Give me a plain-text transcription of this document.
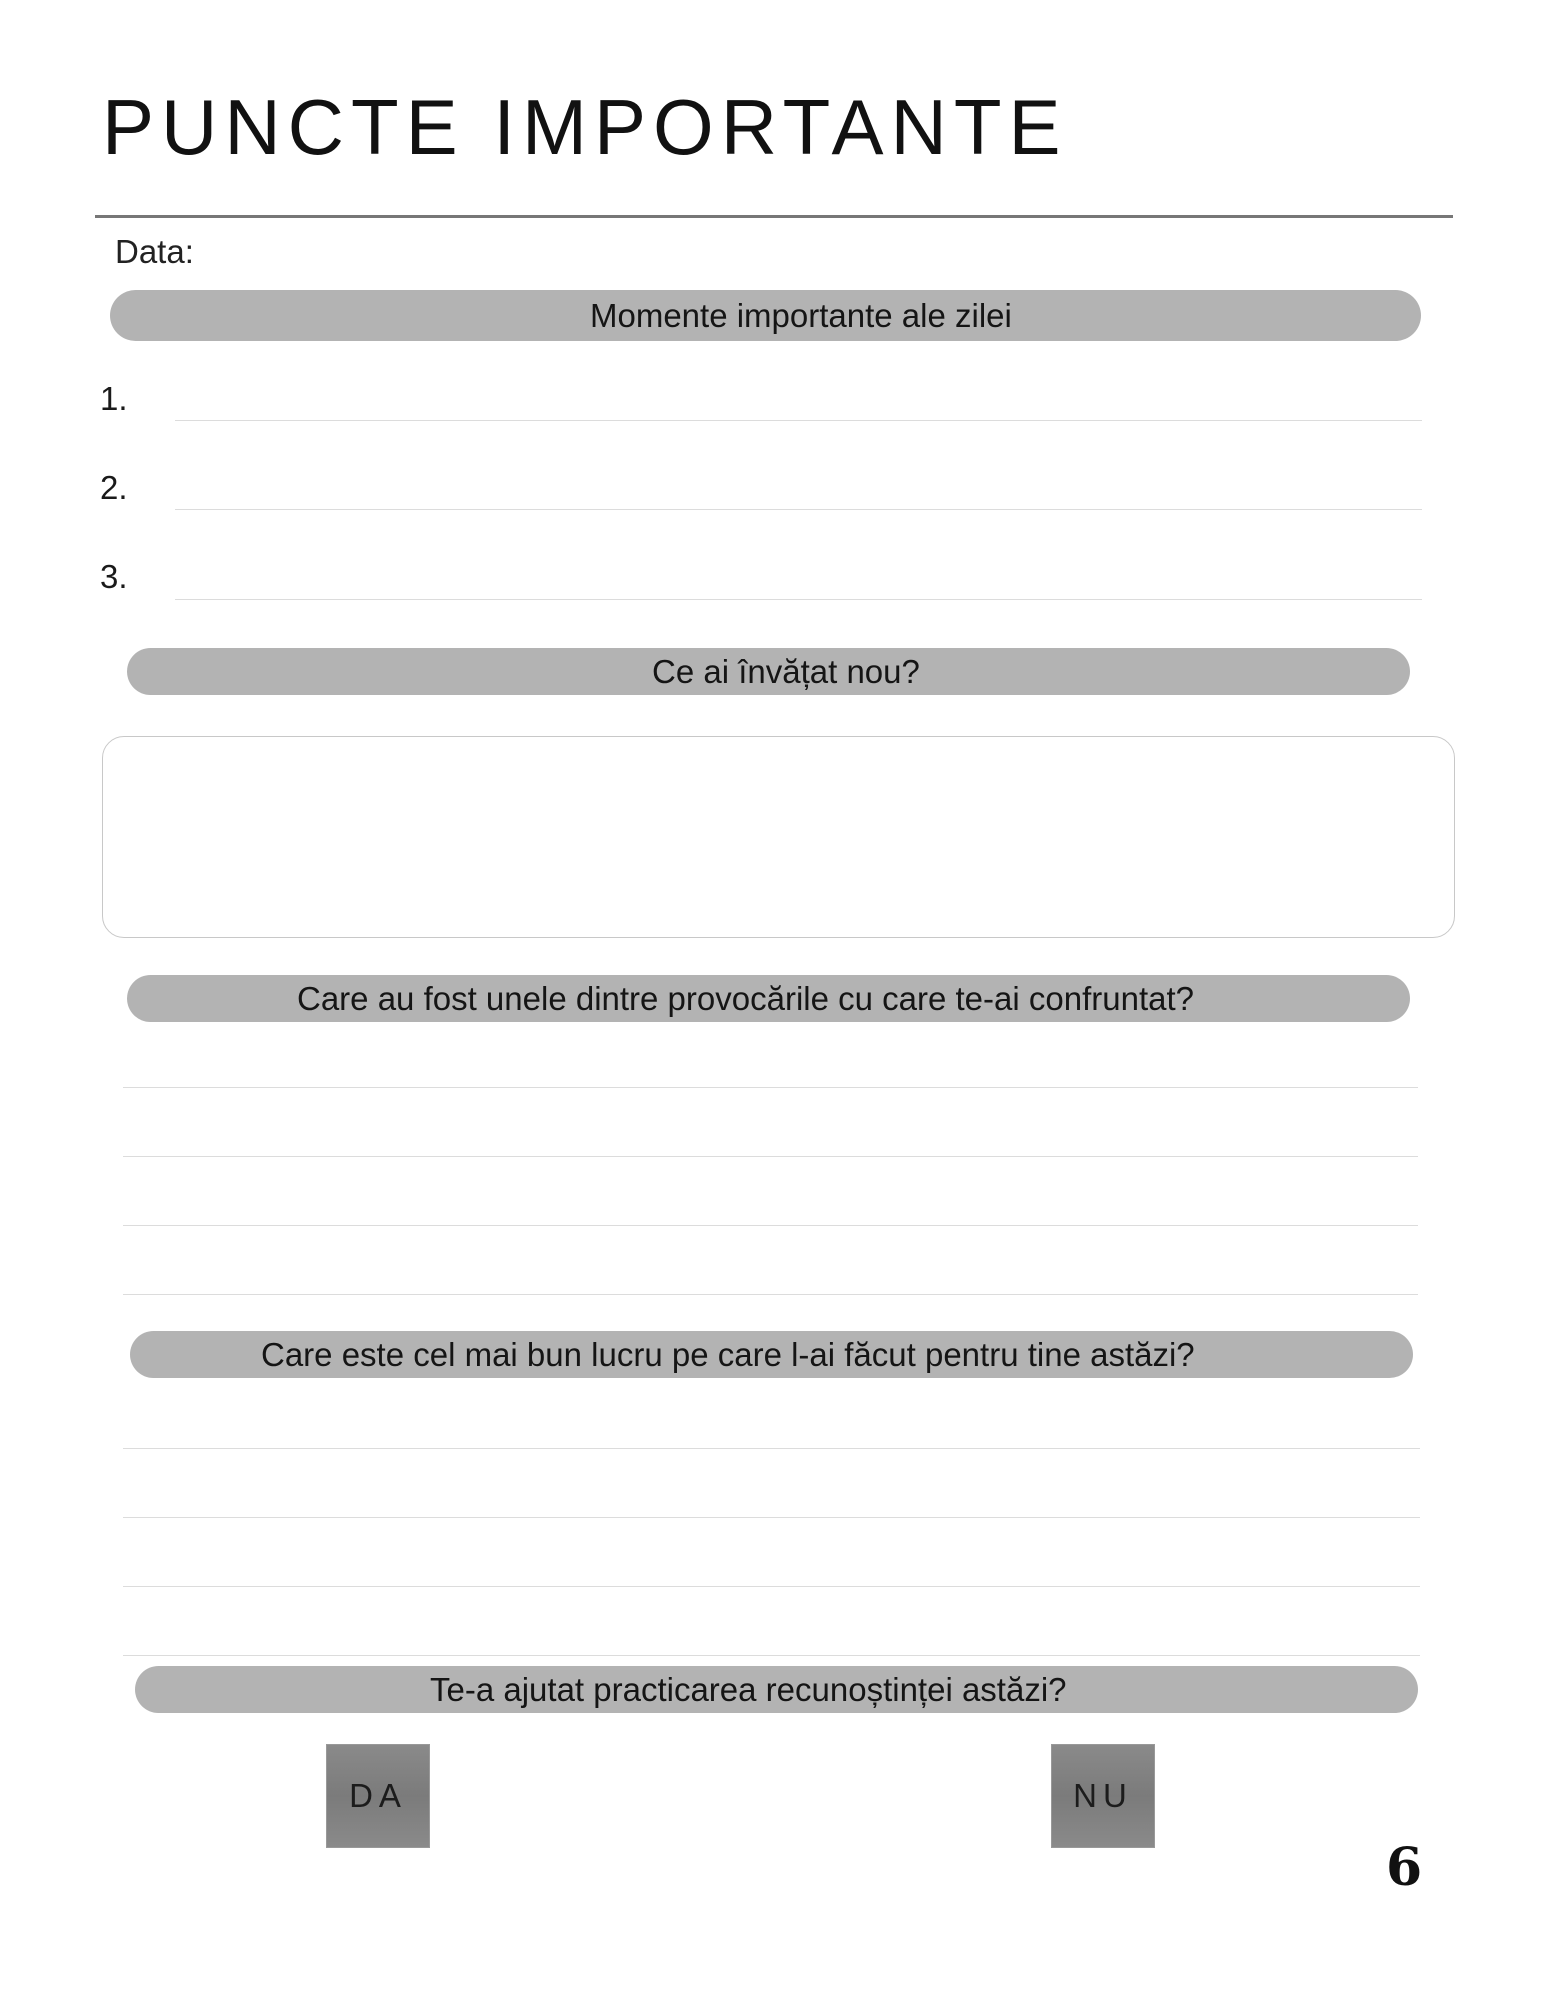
PUNCTE IMPORTANTE
Data:
Momente importante ale zilei
1.
2.
3.
Ce ai învățat nou?
Care au fost unele dintre provocările cu care te-ai confruntat?
Care este cel mai bun lucru pe care l-ai făcut pentru tine astăzi?
Te-a ajutat practicarea recunoștinței astăzi?
DA	NU
6
